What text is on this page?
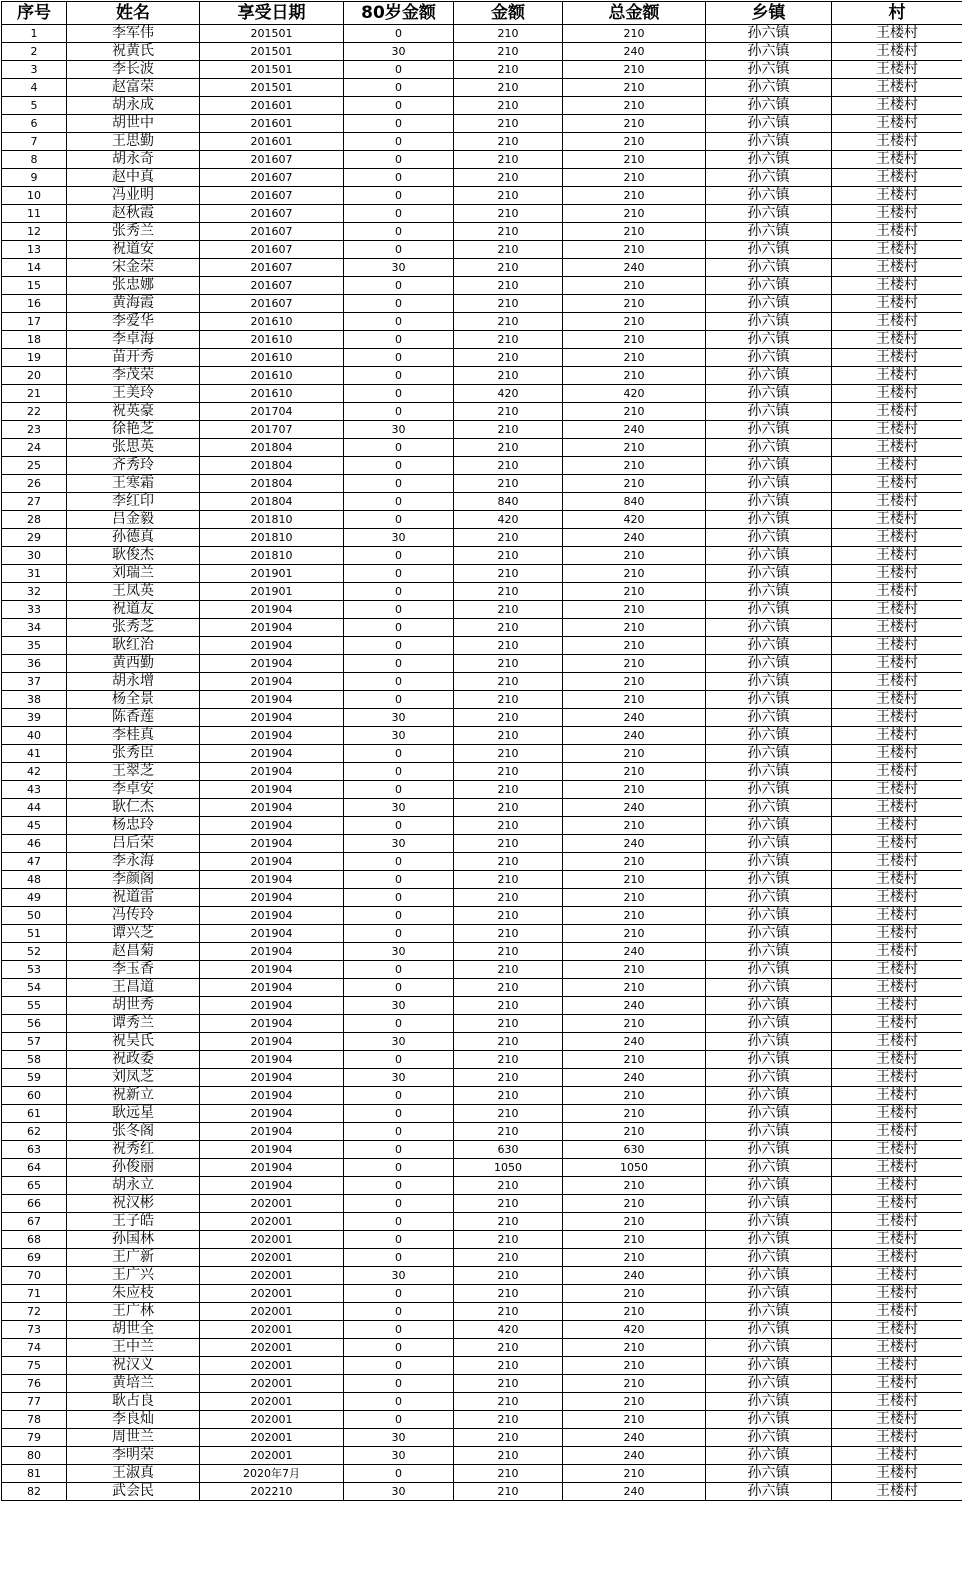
序号	姓名	享受日期	80岁金额	金额	总金额	乡镇	村
1	李军伟	201501	0	210	210	孙六镇	王楼村
2	祝黄氏	201501	30	210	240	孙六镇	王楼村
3	李长波	201501	0	210	210	孙六镇	王楼村
4	赵富荣	201501	0	210	210	孙六镇	王楼村
5	胡永成	201601	0	210	210	孙六镇	王楼村
6	胡世中	201601	0	210	210	孙六镇	王楼村
7	王思勤	201601	0	210	210	孙六镇	王楼村
8	胡永奇	201607	0	210	210	孙六镇	王楼村
9	赵中真	201607	0	210	210	孙六镇	王楼村
10	冯业明	201607	0	210	210	孙六镇	王楼村
11	赵秋霞	201607	0	210	210	孙六镇	王楼村
12	张秀兰	201607	0	210	210	孙六镇	王楼村
13	祝道安	201607	0	210	210	孙六镇	王楼村
14	宋金荣	201607	30	210	240	孙六镇	王楼村
15	张忠娜	201607	0	210	210	孙六镇	王楼村
16	黄海霞	201607	0	210	210	孙六镇	王楼村
17	李爱华	201610	0	210	210	孙六镇	王楼村
18	李卓海	201610	0	210	210	孙六镇	王楼村
19	苗开秀	201610	0	210	210	孙六镇	王楼村
20	李茂荣	201610	0	210	210	孙六镇	王楼村
21	王美玲	201610	0	420	420	孙六镇	王楼村
22	祝英豪	201704	0	210	210	孙六镇	王楼村
23	徐艳芝	201707	30	210	240	孙六镇	王楼村
24	张思英	201804	0	210	210	孙六镇	王楼村
25	齐秀玲	201804	0	210	210	孙六镇	王楼村
26	王寒霜	201804	0	210	210	孙六镇	王楼村
27	李红印	201804	0	840	840	孙六镇	王楼村
28	吕金毅	201810	0	420	420	孙六镇	王楼村
29	孙德真	201810	30	210	240	孙六镇	王楼村
30	耿俊杰	201810	0	210	210	孙六镇	王楼村
31	刘瑞兰	201901	0	210	210	孙六镇	王楼村
32	王凤英	201901	0	210	210	孙六镇	王楼村
33	祝道友	201904	0	210	210	孙六镇	王楼村
34	张秀芝	201904	0	210	210	孙六镇	王楼村
35	耿红治	201904	0	210	210	孙六镇	王楼村
36	黄西勤	201904	0	210	210	孙六镇	王楼村
37	胡永增	201904	0	210	210	孙六镇	王楼村
38	杨全景	201904	0	210	210	孙六镇	王楼村
39	陈香莲	201904	30	210	240	孙六镇	王楼村
40	李桂真	201904	30	210	240	孙六镇	王楼村
41	张秀臣	201904	0	210	210	孙六镇	王楼村
42	王翠芝	201904	0	210	210	孙六镇	王楼村
43	李卓安	201904	0	210	210	孙六镇	王楼村
44	耿仁杰	201904	30	210	240	孙六镇	王楼村
45	杨忠玲	201904	0	210	210	孙六镇	王楼村
46	吕后荣	201904	30	210	240	孙六镇	王楼村
47	李永海	201904	0	210	210	孙六镇	王楼村
48	李颜阁	201904	0	210	210	孙六镇	王楼村
49	祝道雷	201904	0	210	210	孙六镇	王楼村
50	冯传玲	201904	0	210	210	孙六镇	王楼村
51	谭兴芝	201904	0	210	210	孙六镇	王楼村
52	赵昌菊	201904	30	210	240	孙六镇	王楼村
53	李玉香	201904	0	210	210	孙六镇	王楼村
54	王昌道	201904	0	210	210	孙六镇	王楼村
55	胡世秀	201904	30	210	240	孙六镇	王楼村
56	谭秀兰	201904	0	210	210	孙六镇	王楼村
57	祝吴氏	201904	30	210	240	孙六镇	王楼村
58	祝政委	201904	0	210	210	孙六镇	王楼村
59	刘凤芝	201904	30	210	240	孙六镇	王楼村
60	祝新立	201904	0	210	210	孙六镇	王楼村
61	耿远星	201904	0	210	210	孙六镇	王楼村
62	张冬阁	201904	0	210	210	孙六镇	王楼村
63	祝秀红	201904	0	630	630	孙六镇	王楼村
64	孙俊丽	201904	0	1050	1050	孙六镇	王楼村
65	胡永立	201904	0	210	210	孙六镇	王楼村
66	祝汉彬	202001	0	210	210	孙六镇	王楼村
67	王子皓	202001	0	210	210	孙六镇	王楼村
68	孙国林	202001	0	210	210	孙六镇	王楼村
69	王广新	202001	0	210	210	孙六镇	王楼村
70	王广兴	202001	30	210	240	孙六镇	王楼村
71	朱应枝	202001	0	210	210	孙六镇	王楼村
72	王广林	202001	0	210	210	孙六镇	王楼村
73	胡世全	202001	0	420	420	孙六镇	王楼村
74	王中兰	202001	0	210	210	孙六镇	王楼村
75	祝汉义	202001	0	210	210	孙六镇	王楼村
76	黄培兰	202001	0	210	210	孙六镇	王楼村
77	耿占良	202001	0	210	210	孙六镇	王楼村
78	李良灿	202001	0	210	210	孙六镇	王楼村
79	周世兰	202001	30	210	240	孙六镇	王楼村
80	李明荣	202001	30	210	240	孙六镇	王楼村
81	王淑真	2020年7月	0	210	210	孙六镇	王楼村
82	武会民	202210	30	210	240	孙六镇	王楼村
